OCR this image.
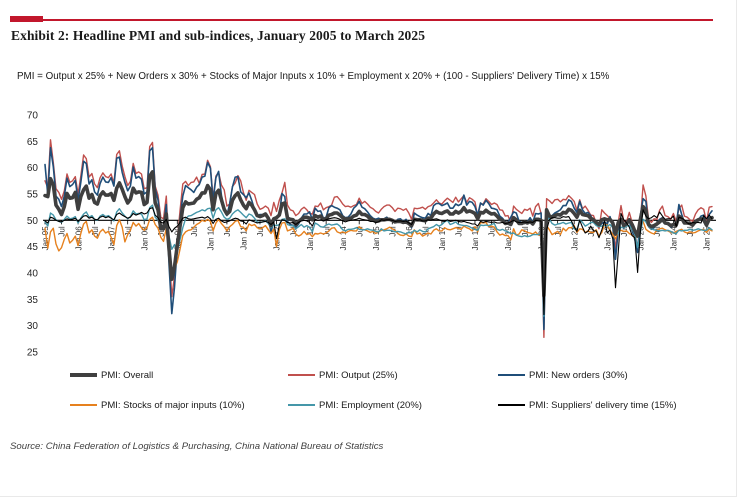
Exhibit 2: Headline PMI and sub-indices, January 2005 to March 2025
PMI = Output x 25% + New Orders x 30% + Stocks of Major Inputs x 10% + Employment x 20% + (100 - Suppliers' Delivery Time) x 15%
70
65
60
55
50
45
40
35
30
25
Jan 05 Jul Jan 06 Jul Jan 07 Jul Jan 08 Jul Jan 09 Jul Jan 10 Jul Jan 11 Jul Jan 12 Jul Jan 13 Jul Jan 14 Jul Jan 15 Jul Jan 16 Jul Jan 17 Jul Jan 18 Jul Jan 19 Jul Jan 20 Jul Jan 21 Jul Jan 22 Jul Jan 23 Jul Jan 24 Jul Jan 25
PMI: Overall	PMI: Output (25%)	PMI: New orders (30%)
PMI: Stocks of major inputs (10%)	PMI: Employment (20%)	PMI: Suppliers' delivery time (15%)
Source: China Federation of Logistics & Purchasing, China National Bureau of Statistics
